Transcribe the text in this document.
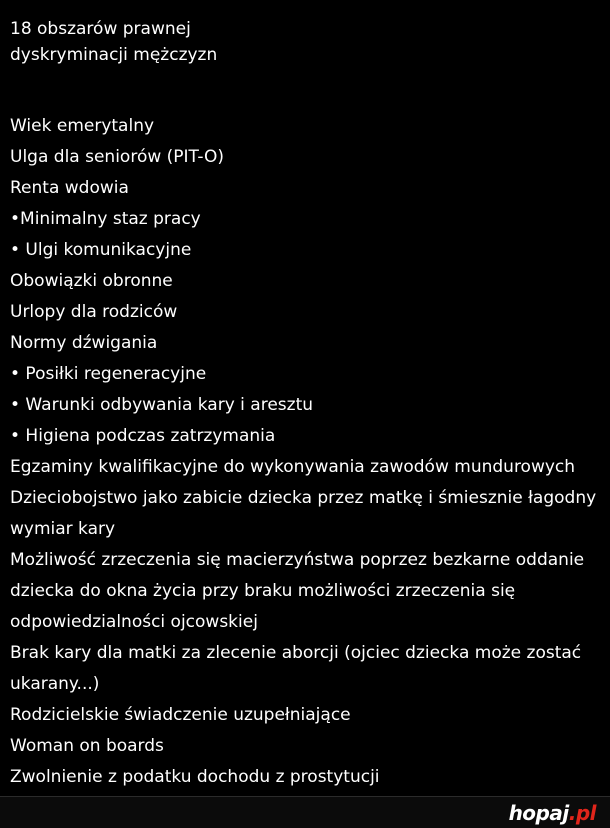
18 obszarów prawnej
dyskryminacji mężczyzn
Wiek emerytalny
Ulga dla seniorów (PIT-O)
Renta wdowia
•Minimalny staz pracy
• Ulgi komunikacyjne
Obowiązki obronne
Urlopy dla rodziców
Normy dźwigania
• Posiłki regeneracyjne
• Warunki odbywania kary i aresztu
• Higiena podczas zatrzymania
Egzaminy kwalifikacyjne do wykonywania zawodów mundurowych
Dzieciobojstwo jako zabicie dziecka przez matkę i śmiesznie łagodny wymiar kary
Możliwość zrzeczenia się macierzyństwa poprzez bezkarne oddanie dziecka do okna życia przy braku możliwości zrzeczenia się odpowiedzialności ojcowskiej
Brak kary dla matki za zlecenie aborcji (ojciec dziecka może zostać ukarany...)
Rodzicielskie świadczenie uzupełniające
Woman on boards
Zwolnienie z podatku dochodu z prostytucji
hopaj.pl
